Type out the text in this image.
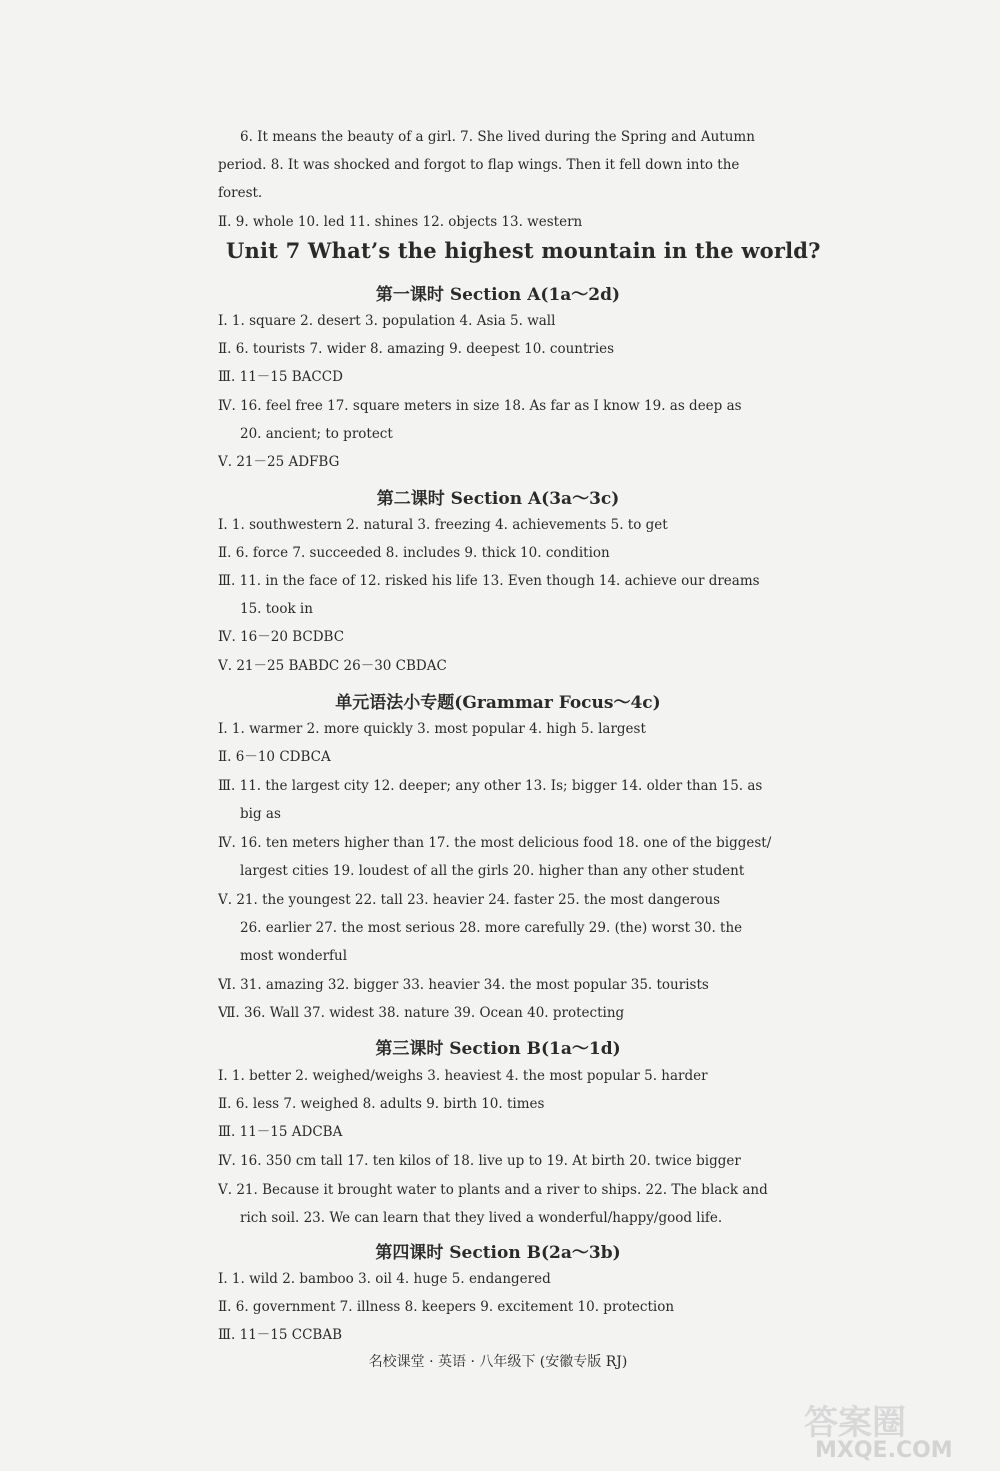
6. It means the beauty of a girl. 7. She lived during the Spring and Autumn
period. 8. It was shocked and forgot to flap wings. Then it fell down into the
forest.
Ⅱ. 9. whole 10. led 11. shines 12. objects 13. western
Unit 7 What’s the highest mountain in the world?
第一课时 Section A(1a～2d)
Ⅰ. 1. square 2. desert 3. population 4. Asia 5. wall
Ⅱ. 6. tourists 7. wider 8. amazing 9. deepest 10. countries
Ⅲ. 11－15 BACCD
Ⅳ. 16. feel free 17. square meters in size 18. As far as I know 19. as deep as
20. ancient; to protect
Ⅴ. 21－25 ADFBG
第二课时 Section A(3a～3c)
Ⅰ. 1. southwestern 2. natural 3. freezing 4. achievements 5. to get
Ⅱ. 6. force 7. succeeded 8. includes 9. thick 10. condition
Ⅲ. 11. in the face of 12. risked his life 13. Even though 14. achieve our dreams
15. took in
Ⅳ. 16－20 BCDBC
Ⅴ. 21－25 BABDC 26－30 CBDAC
单元语法小专题(Grammar Focus～4c)
Ⅰ. 1. warmer 2. more quickly 3. most popular 4. high 5. largest
Ⅱ. 6－10 CDBCA
Ⅲ. 11. the largest city 12. deeper; any other 13. Is; bigger 14. older than 15. as
big as
Ⅳ. 16. ten meters higher than 17. the most delicious food 18. one of the biggest/
largest cities 19. loudest of all the girls 20. higher than any other student
Ⅴ. 21. the youngest 22. tall 23. heavier 24. faster 25. the most dangerous
26. earlier 27. the most serious 28. more carefully 29. (the) worst 30. the
most wonderful
Ⅵ. 31. amazing 32. bigger 33. heavier 34. the most popular 35. tourists
Ⅶ. 36. Wall 37. widest 38. nature 39. Ocean 40. protecting
第三课时 Section B(1a～1d)
Ⅰ. 1. better 2. weighed/weighs 3. heaviest 4. the most popular 5. harder
Ⅱ. 6. less 7. weighed 8. adults 9. birth 10. times
Ⅲ. 11－15 ADCBA
Ⅳ. 16. 350 cm tall 17. ten kilos of 18. live up to 19. At birth 20. twice bigger
Ⅴ. 21. Because it brought water to plants and a river to ships. 22. The black and
rich soil. 23. We can learn that they lived a wonderful/happy/good life.
第四课时 Section B(2a～3b)
Ⅰ. 1. wild 2. bamboo 3. oil 4. huge 5. endangered
Ⅱ. 6. government 7. illness 8. keepers 9. excitement 10. protection
Ⅲ. 11－15 CCBAB
名校课堂 · 英语 · 八年级下 (安徽专版 RJ)
答案圈
MXQE.COM
